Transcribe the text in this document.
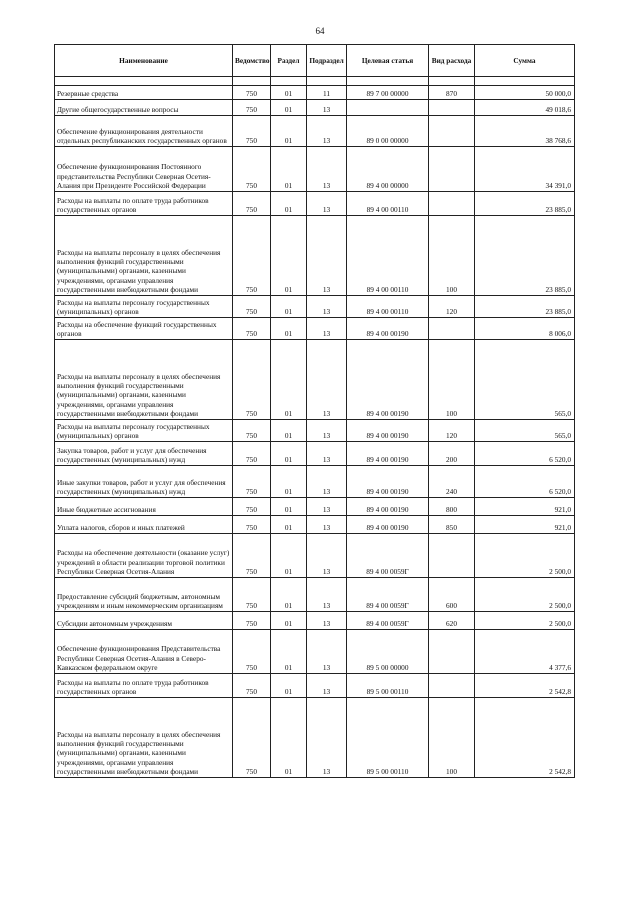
64
Наименование	Ведомство	Раздел	Подраздел	Целевая статья	Вид расхода	Сумма

Резервные средства	750	01	11	89 7 00 00000	870	50 000,0
Другие общегосударственные вопросы	750	01	13			49 018,6
Обеспечение функционирования деятельности отдельных республиканских государственных органов	750	01	13	89 0 00 00000		38 768,6
Обеспечение функционирования Постоянного представительства Республики Северная Осетия-Алания при Президенте Российской Федерации	750	01	13	89 4 00 00000		34 391,0
Расходы на выплаты по оплате труда работников государственных органов	750	01	13	89 4 00 00110		23 885,0
Расходы на выплаты персоналу в целях обеспечения выполнения функций государственными (муниципальными) органами, казенными учреждениями, органами управления государственными внебюджетными фондами	750	01	13	89 4 00 00110	100	23 885,0
Расходы на выплаты персоналу государственных (муниципальных) органов	750	01	13	89 4 00 00110	120	23 885,0
Расходы на обеспечение функций государственных органов	750	01	13	89 4 00 00190		8 006,0
Расходы на выплаты персоналу в целях обеспечения выполнения функций государственными (муниципальными) органами, казенными учреждениями, органами управления государственными внебюджетными фондами	750	01	13	89 4 00 00190	100	565,0
Расходы на выплаты персоналу государственных (муниципальных) органов	750	01	13	89 4 00 00190	120	565,0
Закупка товаров, работ и услуг для обеспечения государственных (муниципальных) нужд	750	01	13	89 4 00 00190	200	6 520,0
Иные закупки товаров, работ и услуг для обеспечения государственных (муниципальных) нужд	750	01	13	89 4 00 00190	240	6 520,0
Иные бюджетные ассигнования	750	01	13	89 4 00 00190	800	921,0
Уплата налогов, сборов и иных платежей	750	01	13	89 4 00 00190	850	921,0
Расходы на обеспечение деятельности (оказание услуг) учреждений в области реализации торговой политики Республики Северная Осетия-Алания	750	01	13	89 4 00 0059Г		2 500,0
Предоставление субсидий бюджетным, автономным учреждениям и иным некоммерческим организациям	750	01	13	89 4 00 0059Г	600	2 500,0
Субсидии автономным учреждениям	750	01	13	89 4 00 0059Г	620	2 500,0
Обеспечение функционирования Представительства Республики Северная Осетия-Алания в Северо-Кавказском федеральном округе	750	01	13	89 5 00 00000		4 377,6
Расходы на выплаты по оплате труда работников государственных органов	750	01	13	89 5 00 00110		2 542,8
Расходы на выплаты персоналу в целях обеспечения выполнения функций государственными (муниципальными) органами, казенными учреждениями, органами управления государственными внебюджетными фондами	750	01	13	89 5 00 00110	100	2 542,8
